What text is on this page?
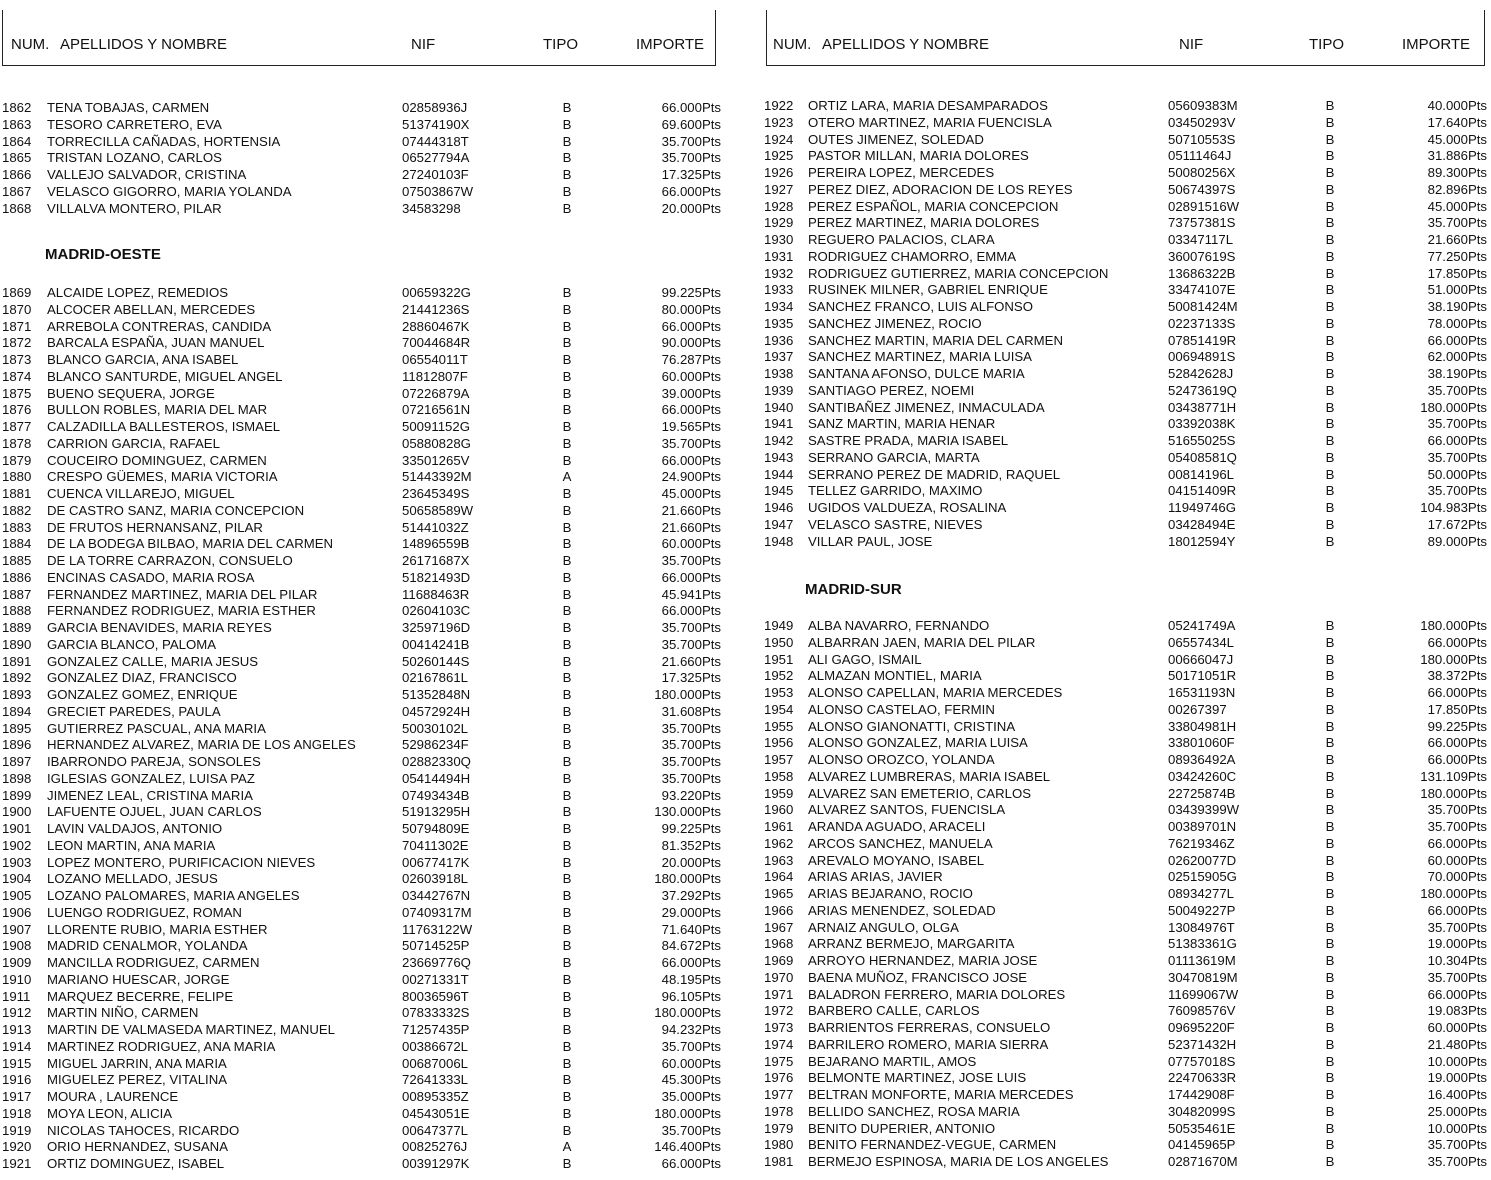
NUM. APELLIDOS Y NOMBRE	NIF	TIPO	IMPORTE
MADRID-OESTE
1862 TENA TOBAJAS, CARMEN	02858936J	B	66.000Pts
1863 TESORO CARRETERO, EVA	51374190X	B	69.600Pts
1864 TORRECILLA CAÑADAS, HORTENSIA	07444318T	B	35.700Pts
1865 TRISTAN LOZANO, CARLOS	06527794A	B	35.700Pts
1866 VALLEJO SALVADOR, CRISTINA	27240103F	B	17.325Pts
1867 VELASCO GIGORRO, MARIA YOLANDA	07503867W	B	66.000Pts
1868 VILLALVA MONTERO, PILAR	34583298	B	20.000Pts
1869 ALCAIDE LOPEZ, REMEDIOS	00659322G	B	99.225Pts
1870 ALCOCER ABELLAN, MERCEDES	21441236S	B	80.000Pts
1871 ARREBOLA CONTRERAS, CANDIDA	28860467K	B	66.000Pts
1872 BARCALA ESPAÑA, JUAN MANUEL	70044684R	B	90.000Pts
1873 BLANCO GARCIA, ANA ISABEL	06554011T	B	76.287Pts
1874 BLANCO SANTURDE, MIGUEL ANGEL	11812807F	B	60.000Pts
1875 BUENO SEQUERA, JORGE	07226879A	B	39.000Pts
1876 BULLON ROBLES, MARIA DEL MAR	07216561N	B	66.000Pts
1877 CALZADILLA BALLESTEROS, ISMAEL	50091152G	B	19.565Pts
1878 CARRION GARCIA, RAFAEL	05880828G	B	35.700Pts
1879 COUCEIRO DOMINGUEZ, CARMEN	33501265V	B	66.000Pts
1880 CRESPO GÜEMES, MARIA VICTORIA	51443392M	A	24.900Pts
1881 CUENCA VILLAREJO, MIGUEL	23645349S	B	45.000Pts
1882 DE CASTRO SANZ, MARIA CONCEPCION	50658589W	B	21.660Pts
1883 DE FRUTOS HERNANSANZ, PILAR	51441032Z	B	21.660Pts
1884 DE LA BODEGA BILBAO, MARIA DEL CARMEN	14896559B	B	60.000Pts
1885 DE LA TORRE CARRAZON, CONSUELO	26171687X	B	35.700Pts
1886 ENCINAS CASADO, MARIA ROSA	51821493D	B	66.000Pts
1887 FERNANDEZ MARTINEZ, MARIA DEL PILAR	11688463R	B	45.941Pts
1888 FERNANDEZ RODRIGUEZ, MARIA ESTHER	02604103C	B	66.000Pts
1889 GARCIA BENAVIDES, MARIA REYES	32597196D	B	35.700Pts
1890 GARCIA BLANCO, PALOMA	00414241B	B	35.700Pts
1891 GONZALEZ CALLE, MARIA JESUS	50260144S	B	21.660Pts
1892 GONZALEZ DIAZ, FRANCISCO	02167861L	B	17.325Pts
1893 GONZALEZ GOMEZ, ENRIQUE	51352848N	B	180.000Pts
1894 GRECIET PAREDES, PAULA	04572924H	B	31.608Pts
1895 GUTIERREZ PASCUAL, ANA MARIA	50030102L	B	35.700Pts
1896 HERNANDEZ ALVAREZ, MARIA DE LOS ANGELES	52986234F	B	35.700Pts
1897 IBARRONDO PAREJA, SONSOLES	02882330Q	B	35.700Pts
1898 IGLESIAS GONZALEZ, LUISA PAZ	05414494H	B	35.700Pts
1899 JIMENEZ LEAL, CRISTINA MARIA	07493434B	B	93.220Pts
1900 LAFUENTE OJUEL, JUAN CARLOS	51913295H	B	130.000Pts
1901 LAVIN VALDAJOS, ANTONIO	50794809E	B	99.225Pts
1902 LEON MARTIN, ANA MARIA	70411302E	B	81.352Pts
1903 LOPEZ MONTERO, PURIFICACION NIEVES	00677417K	B	20.000Pts
1904 LOZANO MELLADO, JESUS	02603918L	B	180.000Pts
1905 LOZANO PALOMARES, MARIA ANGELES	03442767N	B	37.292Pts
1906 LUENGO RODRIGUEZ, ROMAN	07409317M	B	29.000Pts
1907 LLORENTE RUBIO, MARIA ESTHER	11763122W	B	71.640Pts
1908 MADRID CENALMOR, YOLANDA	50714525P	B	84.672Pts
1909 MANCILLA RODRIGUEZ, CARMEN	23669776Q	B	66.000Pts
1910 MARIANO HUESCAR, JORGE	00271331T	B	48.195Pts
1911 MARQUEZ BECERRE, FELIPE	80036596T	B	96.105Pts
1912 MARTIN NIÑO, CARMEN	07833332S	B	180.000Pts
1913 MARTIN DE VALMASEDA MARTINEZ, MANUEL	71257435P	B	94.232Pts
1914 MARTINEZ RODRIGUEZ, ANA MARIA	00386672L	B	35.700Pts
1915 MIGUEL JARRIN, ANA MARIA	00687006L	B	60.000Pts
1916 MIGUELEZ PEREZ, VITALINA	72641333L	B	45.300Pts
1917 MOURA , LAURENCE	00895335Z	B	35.000Pts
1918 MOYA LEON, ALICIA	04543051E	B	180.000Pts
1919 NICOLAS TAHOCES, RICARDO	00647377L	B	35.700Pts
1920 ORIO HERNANDEZ, SUSANA	00825276J	A	146.400Pts
1921 ORTIZ DOMINGUEZ, ISABEL	00391297K	B	66.000Pts
NUM. APELLIDOS Y NOMBRE	NIF	TIPO	IMPORTE
MADRID-SUR
1922 ORTIZ LARA, MARIA DESAMPARADOS	05609383M	B	40.000Pts
1923 OTERO MARTINEZ, MARIA FUENCISLA	03450293V	B	17.640Pts
1924 OUTES JIMENEZ, SOLEDAD	50710553S	B	45.000Pts
1925 PASTOR MILLAN, MARIA DOLORES	05111464J	B	31.886Pts
1926 PEREIRA LOPEZ, MERCEDES	50080256X	B	89.300Pts
1927 PEREZ DIEZ, ADORACION DE LOS REYES	50674397S	B	82.896Pts
1928 PEREZ ESPAÑOL, MARIA CONCEPCION	02891516W	B	45.000Pts
1929 PEREZ MARTINEZ, MARIA DOLORES	73757381S	B	35.700Pts
1930 REGUERO PALACIOS, CLARA	03347117L	B	21.660Pts
1931 RODRIGUEZ CHAMORRO, EMMA	36007619S	B	77.250Pts
1932 RODRIGUEZ GUTIERREZ, MARIA CONCEPCION	13686322B	B	17.850Pts
1933 RUSINEK MILNER, GABRIEL ENRIQUE	33474107E	B	51.000Pts
1934 SANCHEZ FRANCO, LUIS ALFONSO	50081424M	B	38.190Pts
1935 SANCHEZ JIMENEZ, ROCIO	02237133S	B	78.000Pts
1936 SANCHEZ MARTIN, MARIA DEL CARMEN	07851419R	B	66.000Pts
1937 SANCHEZ MARTINEZ, MARIA LUISA	00694891S	B	62.000Pts
1938 SANTANA AFONSO, DULCE MARIA	52842628J	B	38.190Pts
1939 SANTIAGO PEREZ, NOEMI	52473619Q	B	35.700Pts
1940 SANTIBAÑEZ JIMENEZ, INMACULADA	03438771H	B	180.000Pts
1941 SANZ MARTIN, MARIA HENAR	03392038K	B	35.700Pts
1942 SASTRE PRADA, MARIA ISABEL	51655025S	B	66.000Pts
1943 SERRANO GARCIA, MARTA	05408581Q	B	35.700Pts
1944 SERRANO PEREZ DE MADRID, RAQUEL	00814196L	B	50.000Pts
1945 TELLEZ GARRIDO, MAXIMO	04151409R	B	35.700Pts
1946 UGIDOS VALDUEZA, ROSALINA	11949746G	B	104.983Pts
1947 VELASCO SASTRE, NIEVES	03428494E	B	17.672Pts
1948 VILLAR PAUL, JOSE	18012594Y	B	89.000Pts
1949 ALBA NAVARRO, FERNANDO	05241749A	B	180.000Pts
1950 ALBARRAN JAEN, MARIA DEL PILAR	06557434L	B	66.000Pts
1951 ALI GAGO, ISMAIL	00666047J	B	180.000Pts
1952 ALMAZAN MONTIEL, MARIA	50171051R	B	38.372Pts
1953 ALONSO CAPELLAN, MARIA MERCEDES	16531193N	B	66.000Pts
1954 ALONSO CASTELAO, FERMIN	00267397	B	17.850Pts
1955 ALONSO GIANONATTI, CRISTINA	33804981H	B	99.225Pts
1956 ALONSO GONZALEZ, MARIA LUISA	33801060F	B	66.000Pts
1957 ALONSO OROZCO, YOLANDA	08936492A	B	66.000Pts
1958 ALVAREZ LUMBRERAS, MARIA ISABEL	03424260C	B	131.109Pts
1959 ALVAREZ SAN EMETERIO, CARLOS	22725874B	B	180.000Pts
1960 ALVAREZ SANTOS, FUENCISLA	03439399W	B	35.700Pts
1961 ARANDA AGUADO, ARACELI	00389701N	B	35.700Pts
1962 ARCOS SANCHEZ, MANUELA	76219346Z	B	66.000Pts
1963 AREVALO MOYANO, ISABEL	02620077D	B	60.000Pts
1964 ARIAS ARIAS, JAVIER	02515905G	B	70.000Pts
1965 ARIAS BEJARANO, ROCIO	08934277L	B	180.000Pts
1966 ARIAS MENENDEZ, SOLEDAD	50049227P	B	66.000Pts
1967 ARNAIZ ANGULO, OLGA	13084976T	B	35.700Pts
1968 ARRANZ BERMEJO, MARGARITA	51383361G	B	19.000Pts
1969 ARROYO HERNANDEZ, MARIA JOSE	01113619M	B	10.304Pts
1970 BAENA MUÑOZ, FRANCISCO JOSE	30470819M	B	35.700Pts
1971 BALADRON FERRERO, MARIA DOLORES	11699067W	B	66.000Pts
1972 BARBERO CALLE, CARLOS	76098576V	B	19.083Pts
1973 BARRIENTOS FERRERAS, CONSUELO	09695220F	B	60.000Pts
1974 BARRILERO ROMERO, MARIA SIERRA	52371432H	B	21.480Pts
1975 BEJARANO MARTIL, AMOS	07757018S	B	10.000Pts
1976 BELMONTE MARTINEZ, JOSE LUIS	22470633R	B	19.000Pts
1977 BELTRAN MONFORTE, MARIA MERCEDES	17442908F	B	16.400Pts
1978 BELLIDO SANCHEZ, ROSA MARIA	30482099S	B	25.000Pts
1979 BENITO DUPERIER, ANTONIO	50535461E	B	10.000Pts
1980 BENITO FERNANDEZ-VEGUE, CARMEN	04145965P	B	35.700Pts
1981 BERMEJO ESPINOSA, MARIA DE LOS ANGELES	02871670M	B	35.700Pts
